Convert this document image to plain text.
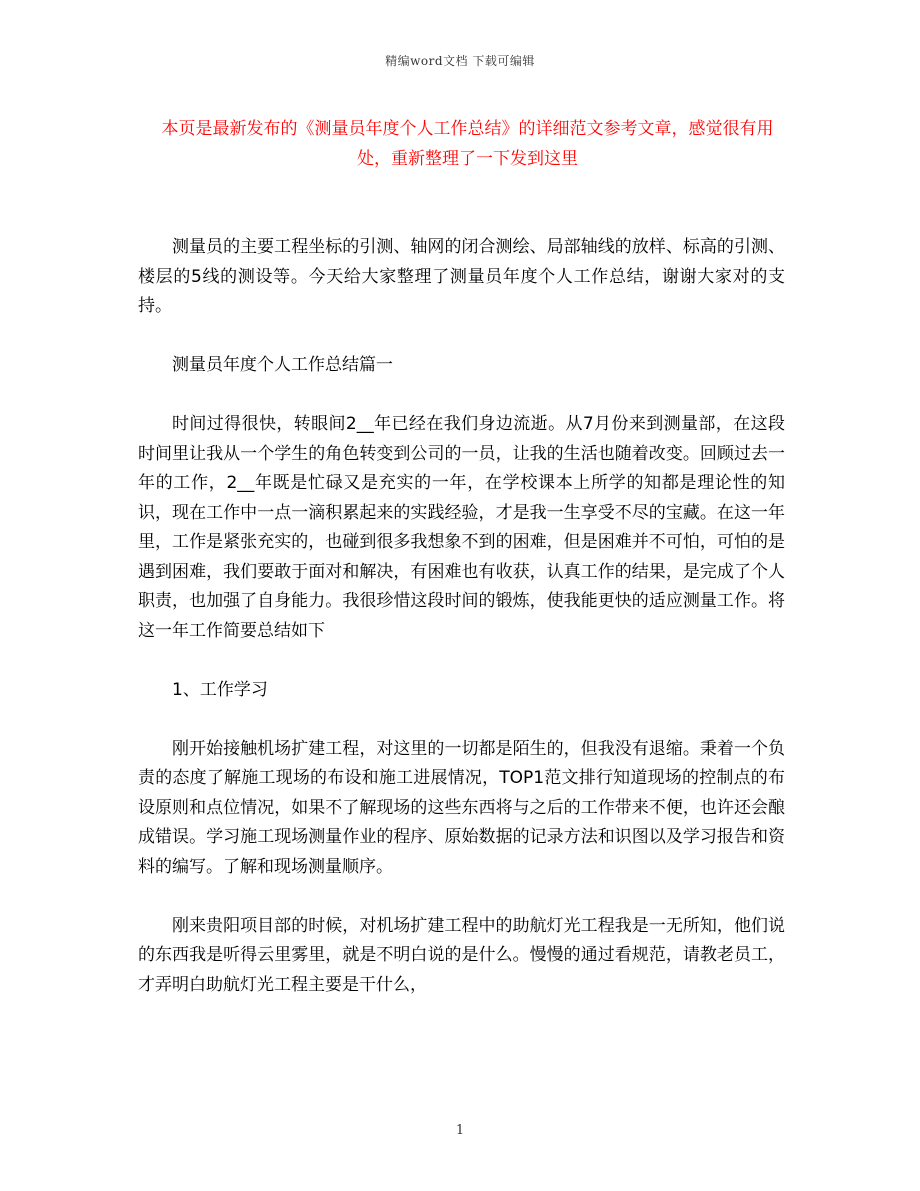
精编word文档 下载可编辑
本页是最新发布的《测量员年度个人工作总结》的详细范文参考文章，感觉很有用处，重新整理了一下发到这里

测量员的主要工程坐标的引测、轴网的闭合测绘、局部轴线的放样、标高的引测、楼层的5线的测设等。今天给大家整理了测量员年度个人工作总结，谢谢大家对的支持。

测量员年度个人工作总结篇一

时间过得很快，转眼间2__年已经在我们身边流逝。从7月份来到测量部，在这段时间里让我从一个学生的角色转变到公司的一员，让我的生活也随着改变。回顾过去一年的工作，2__年既是忙碌又是充实的一年，在学校课本上所学的知都是理论性的知识，现在工作中一点一滴积累起来的实践经验，才是我一生享受不尽的宝藏。在这一年里，工作是紧张充实的，也碰到很多我想象不到的困难，但是困难并不可怕，可怕的是遇到困难，我们要敢于面对和解决，有困难也有收获，认真工作的结果，是完成了个人职责，也加强了自身能力。我很珍惜这段时间的锻炼，使我能更快的适应测量工作。将这一年工作简要总结如下

1、工作学习

刚开始接触机场扩建工程，对这里的一切都是陌生的，但我没有退缩。秉着一个负责的态度了解施工现场的布设和施工进展情况，TOP1范文排行知道现场的控制点的布设原则和点位情况，如果不了解现场的这些东西将与之后的工作带来不便，也许还会酿成错误。学习施工现场测量作业的程序、原始数据的记录方法和识图以及学习报告和资料的编写。了解和现场测量顺序。

刚来贵阳项目部的时候，对机场扩建工程中的助航灯光工程我是一无所知，他们说的东西我是听得云里雾里，就是不明白说的是什么。慢慢的通过看规范，请教老员工，才弄明白助航灯光工程主要是干什么，

1
